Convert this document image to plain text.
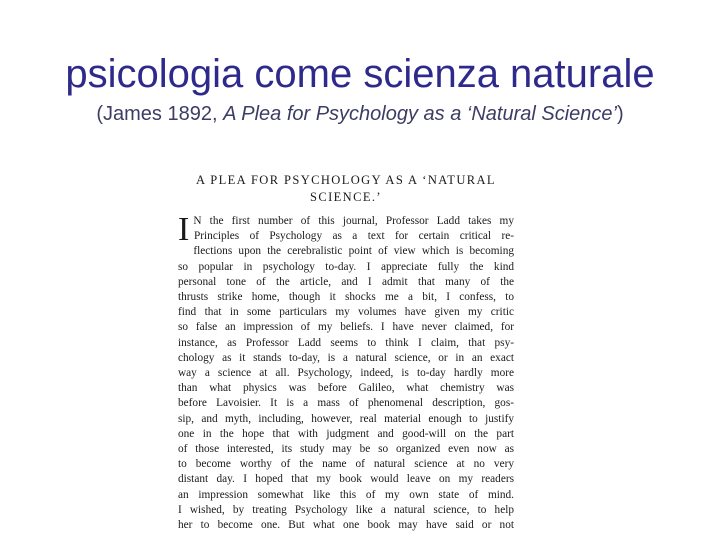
psicologia come scienza naturale
(James 1892, A Plea for Psychology as a ‘Natural Science’)
A PLEA FOR PSYCHOLOGY AS A ‘NATURAL
SCIENCE.’
I N the first number of this journal, Professor Ladd takes my
Principles of Psychology as a text for certain critical re-
flections upon the cerebralistic point of view which is becoming
so popular in psychology to-day. I appreciate fully the kind
personal tone of the article, and I admit that many of the
thrusts strike home, though it shocks me a bit, I confess, to
find that in some particulars my volumes have given my critic
so false an impression of my beliefs. I have never claimed, for
instance, as Professor Ladd seems to think I claim, that psy-
chology as it stands to-day, is a natural science, or in an exact
way a science at all. Psychology, indeed, is to-day hardly more
than what physics was before Galileo, what chemistry was
before Lavoisier. It is a mass of phenomenal description, gos-
sip, and myth, including, however, real material enough to justify
one in the hope that with judgment and good-will on the part
of those interested, its study may be so organized even now as
to become worthy of the name of natural science at no very
distant day. I hoped that my book would leave on my readers
an impression somewhat like this of my own state of mind.
I wished, by treating Psychology like a natural science, to help
her to become one. But what one book may have said or not
